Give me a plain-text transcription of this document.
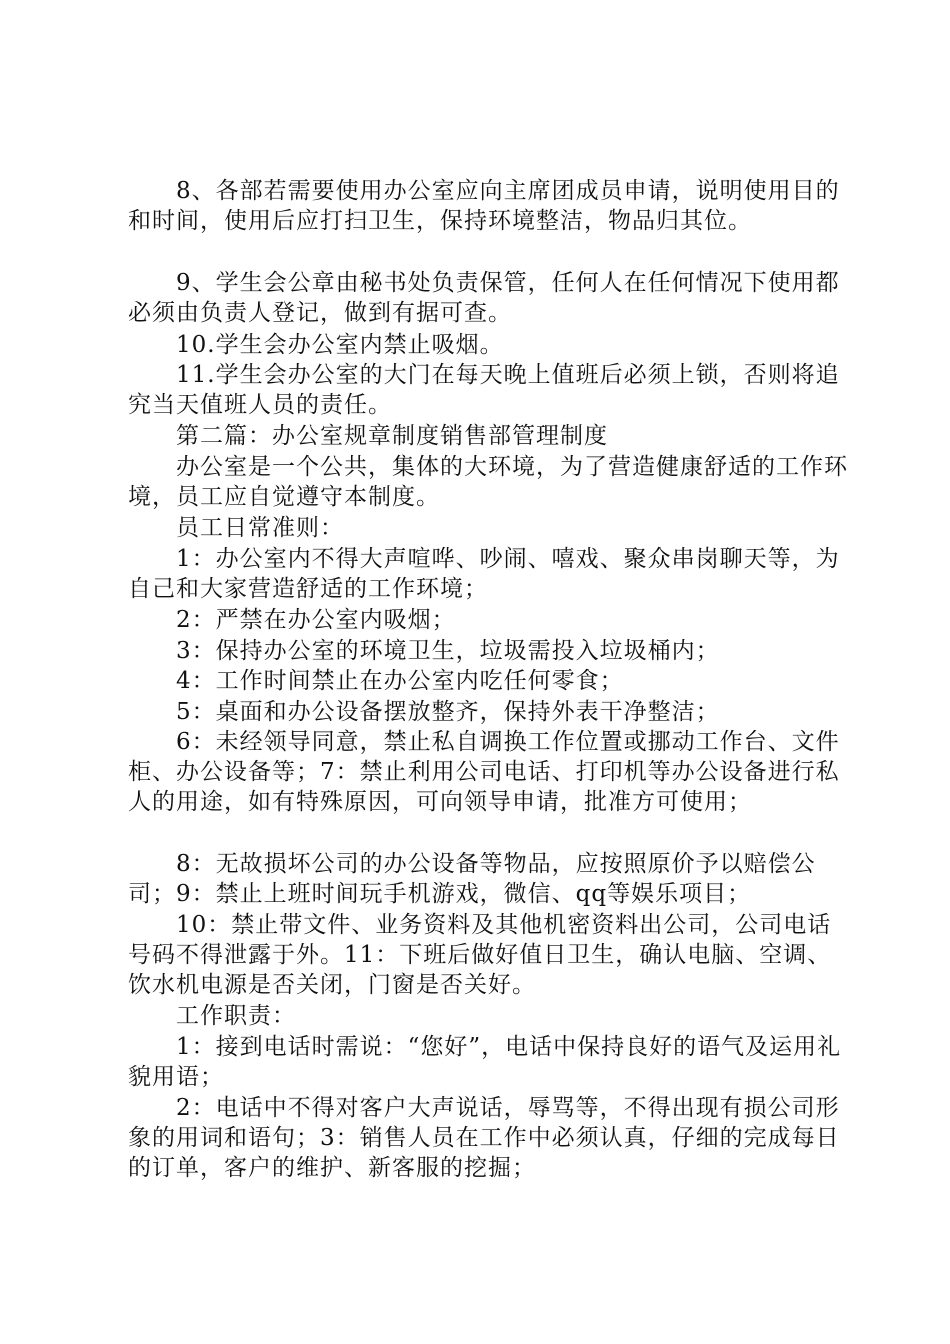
　　8、各部若需要使用办公室应向主席团成员申请，说明使用目的和时间，使用后应打扫卫生，保持环境整洁，物品归其位。
　　9、学生会公章由秘书处负责保管，任何人在任何情况下使用都必须由负责人登记，做到有据可查。
　　10.学生会办公室内禁止吸烟。
　　11.学生会办公室的大门在每天晚上值班后必须上锁，否则将追究当天值班人员的责任。
　　第二篇：办公室规章制度销售部管理制度
　　办公室是一个公共，集体的大环境，为了营造健康舒适的工作环境，员工应自觉遵守本制度。
　　员工日常准则：
　　1：办公室内不得大声喧哗、吵闹、嘻戏、聚众串岗聊天等，为自己和大家营造舒适的工作环境；
　　2：严禁在办公室内吸烟；
　　3：保持办公室的环境卫生，垃圾需投入垃圾桶内；
　　4：工作时间禁止在办公室内吃任何零食；
　　5：桌面和办公设备摆放整齐，保持外表干净整洁；
　　6：未经领导同意，禁止私自调换工作位置或挪动工作台、文件柜、办公设备等；7：禁止利用公司电话、打印机等办公设备进行私人的用途，如有特殊原因，可向领导申请，批准方可使用；
　　8：无故损坏公司的办公设备等物品，应按照原价予以赔偿公司；9：禁止上班时间玩手机游戏，微信、qq等娱乐项目；
　　10：禁止带文件、业务资料及其他机密资料出公司，公司电话号码不得泄露于外。11：下班后做好值日卫生，确认电脑、空调、饮水机电源是否关闭，门窗是否关好。
　　工作职责：
　　1：接到电话时需说：“您好”，电话中保持良好的语气及运用礼貌用语；
　　2：电话中不得对客户大声说话，辱骂等，不得出现有损公司形象的用词和语句；3：销售人员在工作中必须认真，仔细的完成每日的订单，客户的维护、新客服的挖掘；
